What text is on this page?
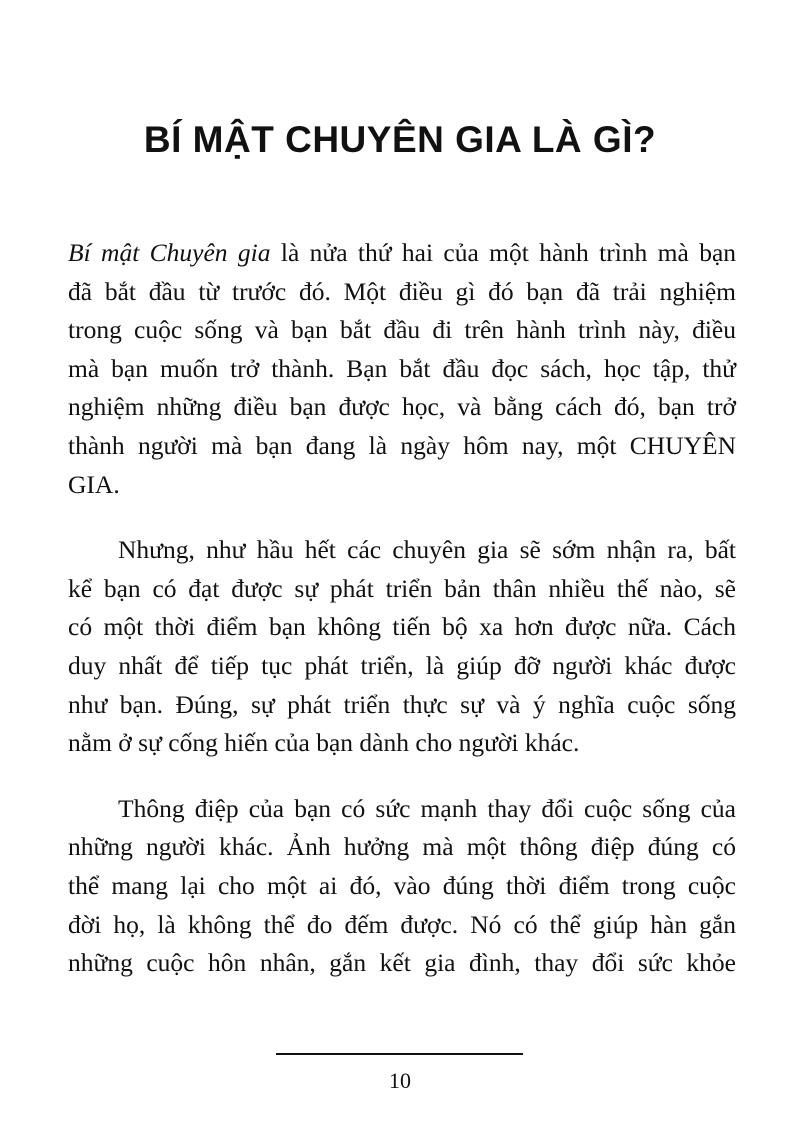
BÍ MẬT CHUYÊN GIA LÀ GÌ?

Bí mật Chuyên gia là nửa thứ hai của một hành trình mà bạn
đã bắt đầu từ trước đó. Một điều gì đó bạn đã trải nghiệm
trong cuộc sống và bạn bắt đầu đi trên hành trình này, điều
mà bạn muốn trở thành. Bạn bắt đầu đọc sách, học tập, thử
nghiệm những điều bạn được học, và bằng cách đó, bạn trở
thành người mà bạn đang là ngày hôm nay, một CHUYÊN
GIA.

Nhưng, như hầu hết các chuyên gia sẽ sớm nhận ra, bất
kể bạn có đạt được sự phát triển bản thân nhiều thế nào, sẽ
có một thời điểm bạn không tiến bộ xa hơn được nữa. Cách
duy nhất để tiếp tục phát triển, là giúp đỡ người khác được
như bạn. Đúng, sự phát triển thực sự và ý nghĩa cuộc sống
nằm ở sự cống hiến của bạn dành cho người khác.

Thông điệp của bạn có sức mạnh thay đổi cuộc sống của
những người khác. Ảnh hưởng mà một thông điệp đúng có
thể mang lại cho một ai đó, vào đúng thời điểm trong cuộc
đời họ, là không thể đo đếm được. Nó có thể giúp hàn gắn
những cuộc hôn nhân, gắn kết gia đình, thay đổi sức khỏe

10
